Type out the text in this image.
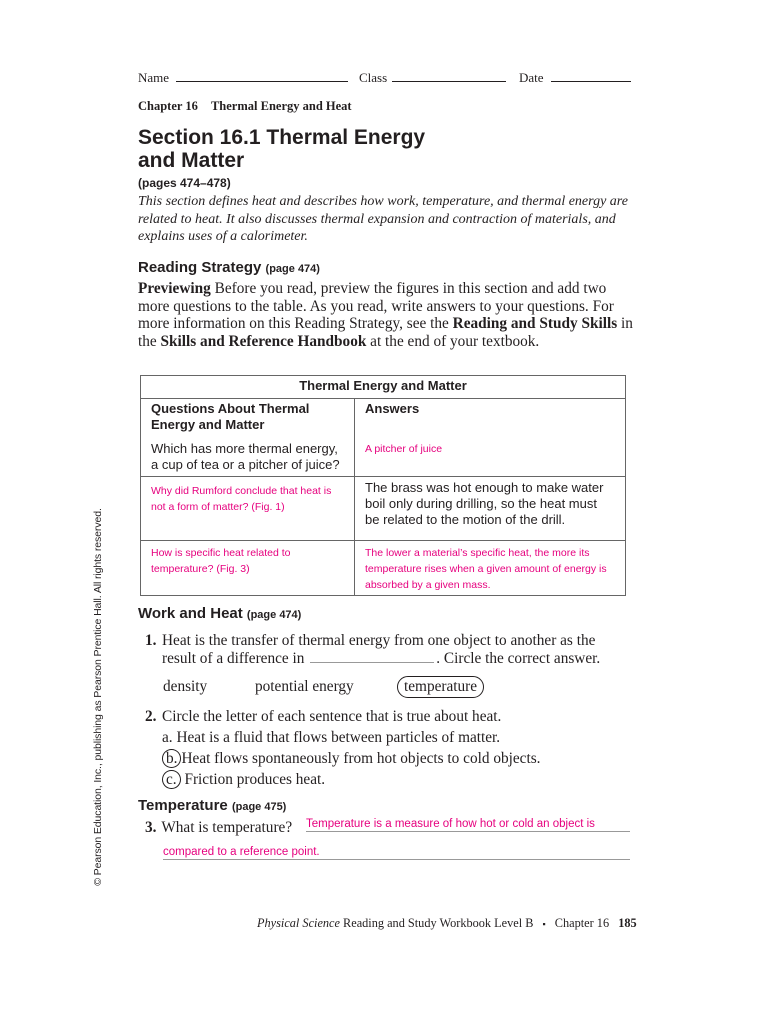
Name	Class	Date
Chapter 16 Thermal Energy and Heat
Section 16.1 Thermal Energy
and Matter
(pages 474–478)
This section defines heat and describes how work, temperature, and thermal energy are related to heat. It also discusses thermal expansion and contraction of materials, and explains uses of a calorimeter.
Reading Strategy (page 474)
Previewing Before you read, preview the figures in this section and add two more questions to the table. As you read, write answers to your questions. For more information on this Reading Strategy, see the Reading and Study Skills in the Skills and Reference Handbook at the end of your textbook.
Thermal Energy and Matter	
Questions About Thermal Energy and Matter	Answers
Which has more thermal energy, a cup of tea or a pitcher of juice?	A pitcher of juice
Why did Rumford conclude that heat is not a form of matter? (Fig. 1)	The brass was hot enough to make water boil only during drilling, so the heat must be related to the motion of the drill.
How is specific heat related to temperature? (Fig. 3)	The lower a material’s specific heat, the more its temperature rises when a given amount of energy is absorbed by a given mass.
© Pearson Education, Inc., publishing as Pearson Prentice Hall. All rights reserved. Work and Heat (page 474)
1. Heat is the transfer of thermal energy from one object to another as the
result of a difference in	. Circle the correct answer.
density	potential energy	temperature
2. Circle the letter of each sentence that is true about heat.
a. Heat is a fluid that flows between particles of matter.
b. Heat flows spontaneously from hot objects to cold objects.
c. Friction produces heat.
Temperature (page 475)
3. What is temperature? Temperature is a measure of how hot or cold an object is
compared to a reference point.
Physical Science Reading and Study Workbook Level B ▪ Chapter 16 185
